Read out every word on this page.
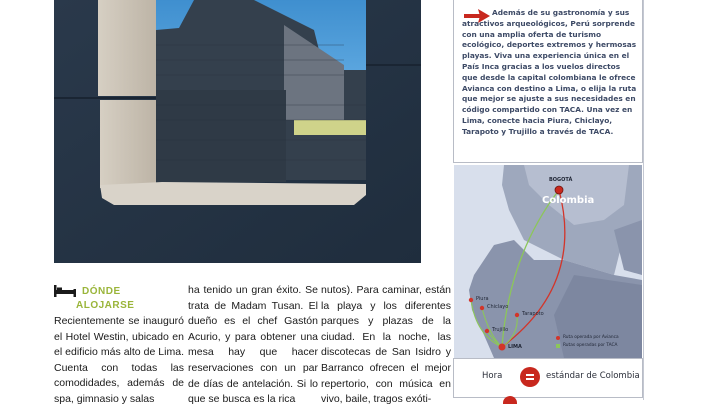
DÓNDE
ALOJARSE
Recientemente se inauguró el Hotel Westin, ubicado en el edificio más alto de Lima. Cuenta con todas las comodidades, además de spa, gimnasio y salas
ha tenido un gran éxito. Se trata de Madam Tusan. El dueño es el chef Gastón Acurio, y para obtener una mesa hay que hacer reservaciones con un par de días de antelación. Si lo que se busca es la rica
nutos). Para caminar, están la playa y los diferentes parques y plazas de la ciudad. En la noche, las discotecas de San Isidro y Barranco ofrecen el mejor repertorio, con música en vivo, baile, tragos exóti-
Además de su gastronomía y sus atractivos arqueológicos, Perú sorprende con una amplia oferta de turismo ecológico, deportes extremos y hermosas playas. Viva una experiencia única en el País Inca gracias a los vuelos directos que desde la capital colombiana le ofrece Avianca con destino a Lima, o elija la ruta que mejor se ajuste a sus necesidades en código compartido con TACA. Una vez en Lima, conecte hacia Piura, Chiclayo, Tarapoto y Trujillo a través de TACA.
BOGOTÁ
Colombia
Piura
Chiclayo
Tarapoto
Trujillo
LIMA
Ruta operada por Avianca
Rutas operadas por TACA
Hora	estándar de Colombia
